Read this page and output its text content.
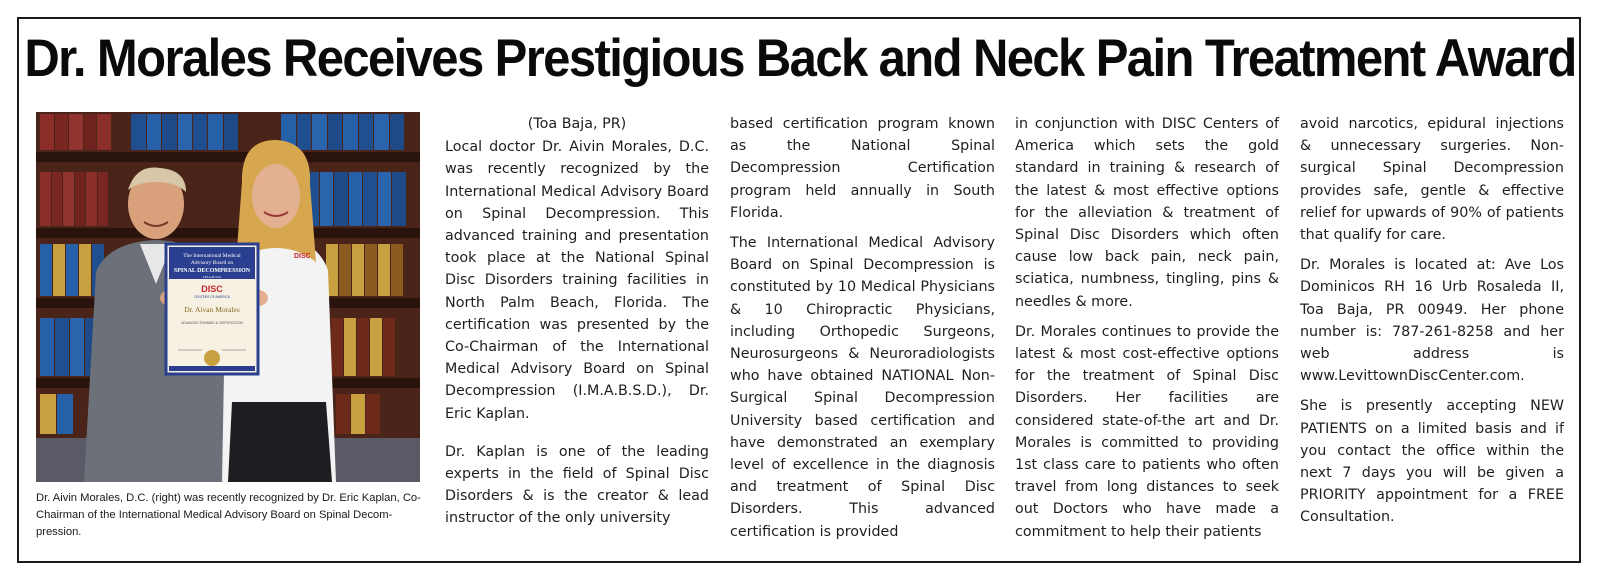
Dr. Morales Receives Prestigious Back and Neck Pain Treatment Award
DISC
The International Medical
Advisory Board on
SPINAL DECOMPRESSION
I.M.A.B.S.D.
DISC
CENTERS OF AMERICA
Dr. Aivan Morales
ADVANCED TRAINING & CERTIFICATION
Dr. Aivin Morales, D.C. (right) was recently recognized by Dr. Eric Kaplan, Co-Chairman of the International Medical Advisory Board on Spinal Decom- pression.

(Toa Baja, PR)

Local doctor Dr. Aivin Morales, D.C. was recently recognized by the International Medical Advisory Board on Spinal Decompression. This advanced training and presentation took place at the National Spinal Disc Disorders training facilities in North Palm Beach, Florida. The certification was presented by the Co-Chairman of the International Medical Advisory Board on Spinal Decompression (I.M.A.B.S.D.), Dr. Eric Kaplan.

Dr. Kaplan is one of the leading experts in the field of Spinal Disc Disorders & is the creator & lead instructor of the only university

based certification program known as the National Spinal Decompression Certification program held annually in South Florida.

The International Medical Advisory Board on Spinal Decompression is constituted by 10 Medical Physicians & 10 Chiropractic Physicians, including Orthopedic Surgeons, Neurosurgeons & Neuroradiologists who have obtained NATIONAL Non-Surgical Spinal Decompression University based certification and have demonstrated an exemplary level of excellence in the diagnosis and treatment of Spinal Disc Disorders. This advanced certification is provided

in conjunction with DISC Centers of America which sets the gold standard in training & research of the latest & most effective options for the alleviation & treatment of Spinal Disc Disorders which often cause low back pain, neck pain, sciatica, numbness, tingling, pins & needles & more.

Dr. Morales continues to provide the latest & most cost-effective options for the treatment of Spinal Disc Disorders. Her facilities are considered state-of-the art and Dr. Morales is committed to providing 1st class care to patients who often travel from long distances to seek out Doctors who have made a commitment to help their patients

avoid narcotics, epidural injections & unnecessary surgeries. Non-surgical Spinal Decompression provides safe, gentle & effective relief for upwards of 90% of patients that qualify for care.

Dr. Morales is located at: Ave Los Dominicos RH 16 Urb Rosaleda II, Toa Baja, PR 00949. Her phone number is: 787-261-8258 and her web address is www.LevittownDiscCenter.com.

She is presently accepting NEW PATIENTS on a limited basis and if you contact the office within the next 7 days you will be given a PRIORITY appointment for a FREE Consultation.
